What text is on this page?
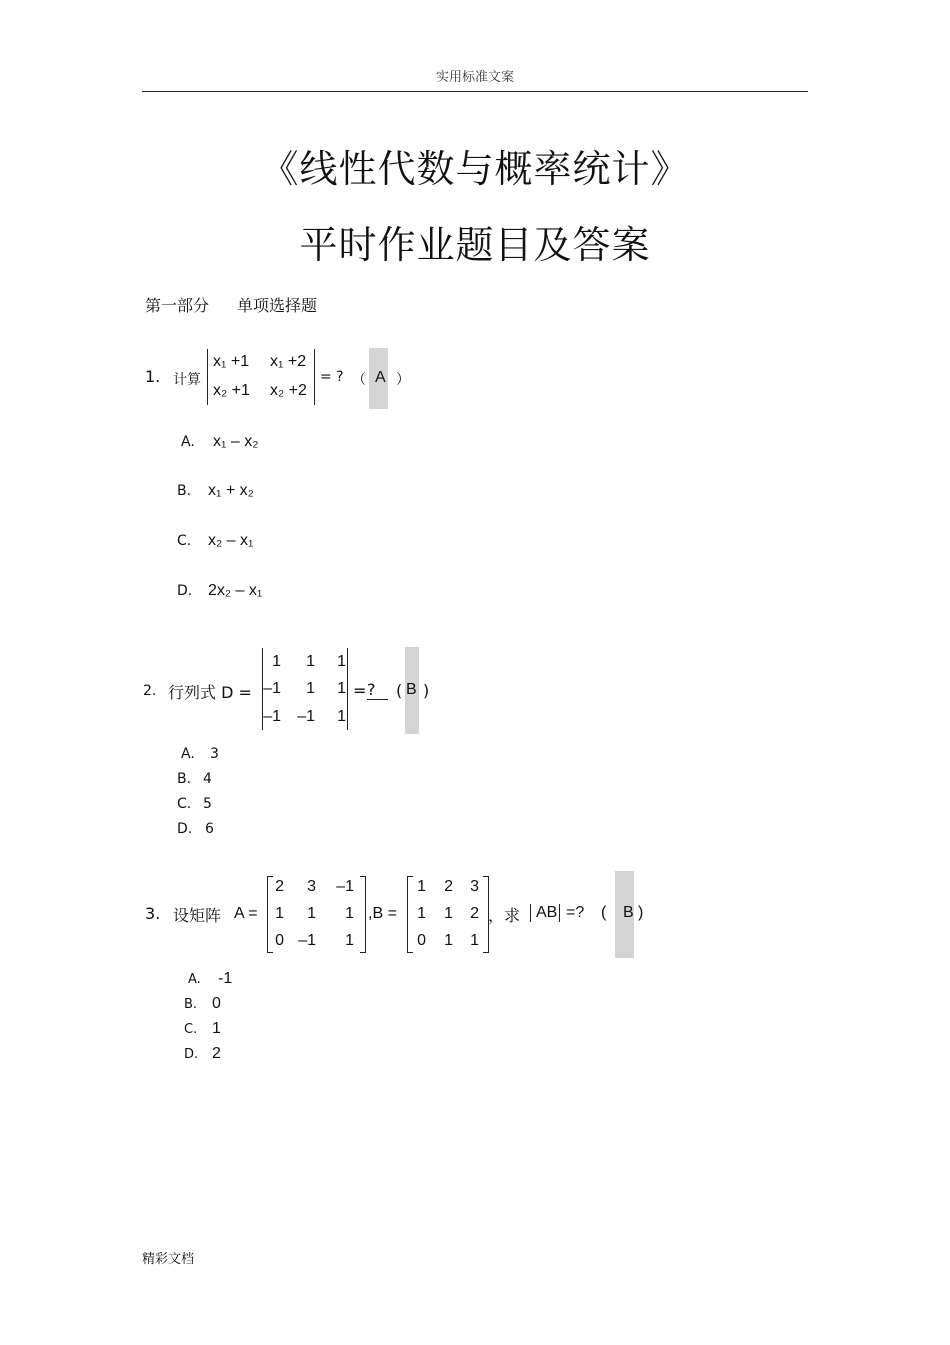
实用标准文案
《线性代数与概率统计》
平时作业题目及答案
第一部分 单项选择题
1. 计算
x₁ +1 x₁ +2
x₂ +1 x₂ +2
= ? （ A ）
A. x₁ – x₂
B. x₁ + x₂
C. x₂ – x₁
D. 2x₂ – x₁
2. 行列式 D =
1 1 1
–1 1 1
–1 –1 1
= ?	( B )
A. 3
B. 4
C. 5
D. 6
3. 设矩阵 A =
2 3 –1
1 1 1
0 –1 1
,B =
1 2 3
1 1 2
0 1 1
，求 AB =? ( B )
A. -1
B. 0
C. 1
D. 2
精彩文档
